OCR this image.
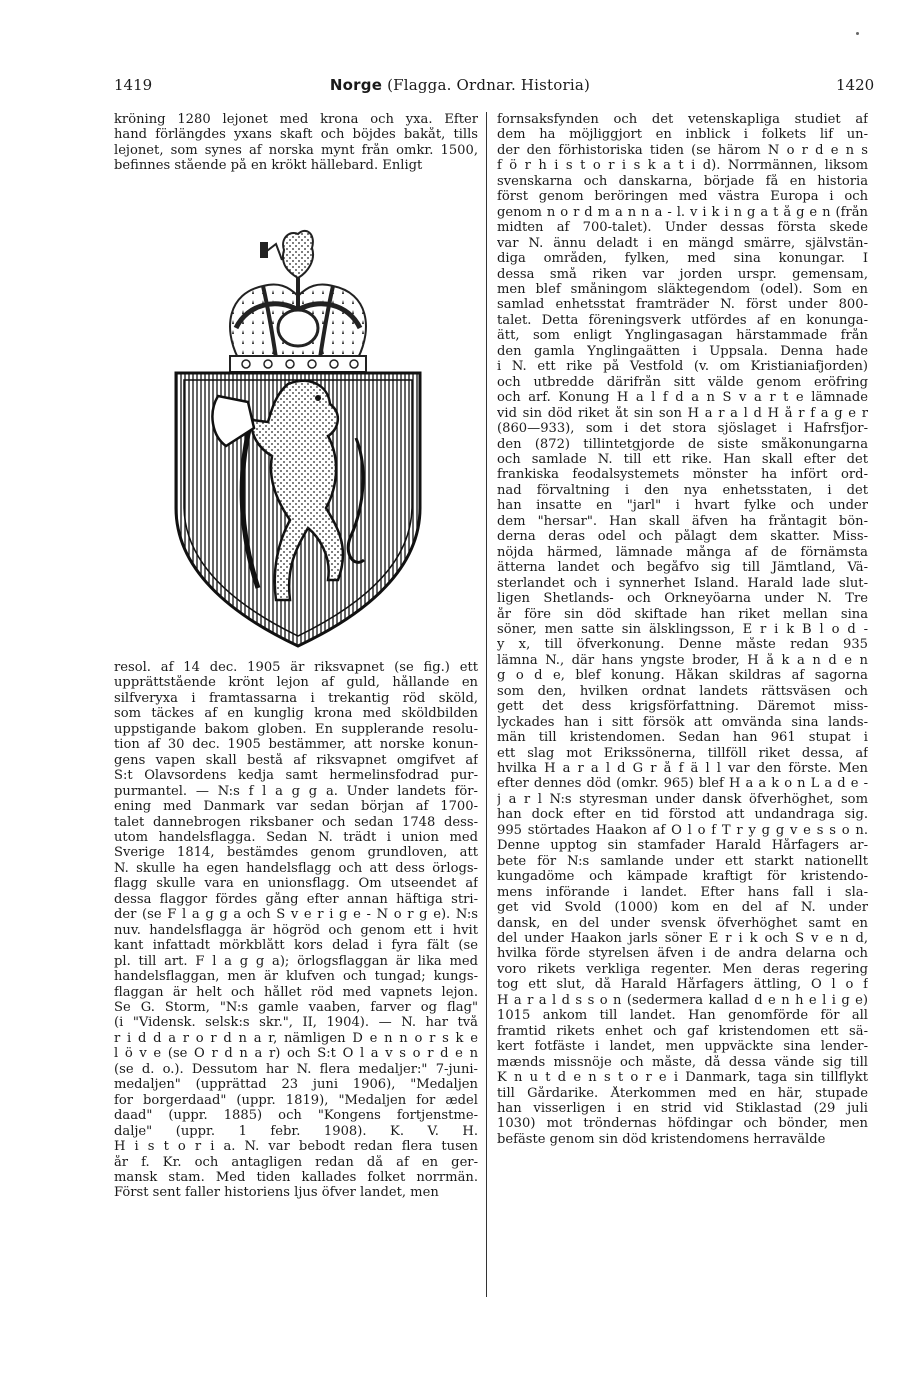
1419	Norge (Flagga. Ordnar. Historia)	1420
kröning 1280 lejonet med krona och yxa. Efter
hand förlängdes yxans skaft och böjdes bakåt, tills
lejonet, som synes af norska mynt från omkr. 1500,
befinnes stående på en krökt hällebard. Enligt
resol. af 14 dec. 1905 är riksvapnet (se fig.) ett
upprättstående krönt lejon af guld, hållande en
silfveryxa i framtassarna i trekantig röd sköld,
som täckes af en kunglig krona med sköldbilden
uppstigande bakom globen. En supplerande resolu-
tion af 30 dec. 1905 bestämmer, att norske konun-
gens vapen skall bestå af riksvapnet omgifvet af
S:t Olavsordens kedja samt hermelinsfodrad pur-
purmantel. — N:s f l a g g a. Under landets för-
ening med Danmark var sedan början af 1700-
talet dannebrogen riksbaner och sedan 1748 dess-
utom handelsflagga. Sedan N. trädt i union med
Sverige 1814, bestämdes genom grundloven, att
N. skulle ha egen handelsflagg och att dess örlogs-
flagg skulle vara en unionsflagg. Om utseendet af
dessa flaggor fördes gång efter annan häftiga stri-
der (se F l a g g a och S v e r i g e - N o r g e). N:s
nuv. handelsflagga är högröd och genom ett i hvit
kant infattadt mörkblått kors delad i fyra fält (se
pl. till art. F l a g g a); örlogsflaggan är lika med
handelsflaggan, men är klufven och tungad; kungs-
flaggan är helt och hållet röd med vapnets lejon.
Se G. Storm, "N:s gamle vaaben, farver og flag"
(i "Vidensk. selsk:s skr.", II, 1904). — N. har två
r i d d a r o r d n a r, nämligen D e n n o r s k e
l ö v e (se O r d n a r) och S:t O l a v s o r d e n
(se d. o.). Dessutom har N. flera medaljer:" 7-juni-
medaljen" (upprättad 23 juni 1906), "Medaljen
for borgerdaad" (uppr. 1819), "Medaljen for ædel
daad" (uppr. 1885) och "Kongens fortjenstme-
dalje" (uppr. 1 febr. 1908). K. V. H.
H i s t o r i a. N. var bebodt redan flera tusen
år f. Kr. och antagligen redan då af en ger-
mansk stam. Med tiden kallades folket norrmän.
Först sent faller historiens ljus öfver landet, men
fornsaksfynden och det vetenskapliga studiet af
dem ha möjliggjort en inblick i folkets lif un-
der den förhistoriska tiden (se härom N o r d e n s
f ö r h i s t o r i s k a t i d). Norrmännen, liksom
svenskarna och danskarna, började få en historia
först genom beröringen med västra Europa i och
genom n o r d m a n n a - l. v i k i n g a t å g e n (från
midten af 700-talet). Under dessas första skede
var N. ännu deladt i en mängd smärre, självstän-
diga områden, fylken, med sina konungar. I
dessa små riken var jorden urspr. gemensam,
men blef småningom släktegendom (odel). Som en
samlad enhetsstat framträder N. först under 800-
talet. Detta föreningsverk utfördes af en konunga-
ätt, som enligt Ynglingasagan härstammade från
den gamla Ynglingaätten i Uppsala. Denna hade
i N. ett rike på Vestfold (v. om Kristianiafjorden)
och utbredde därifrån sitt välde genom eröfring
och arf. Konung H a l f d a n S v a r t e lämnade
vid sin död riket åt sin son H a r a l d H å r f a g e r
(860—933), som i det stora sjöslaget i Hafrsfjor-
den (872) tillintetgjorde de siste småkonungarna
och samlade N. till ett rike. Han skall efter det
frankiska feodalsystemets mönster ha infört ord-
nad förvaltning i den nya enhetsstaten, i det
han insatte en "jarl" i hvart fylke och under
dem "hersar". Han skall äfven ha fråntagit bön-
derna deras odel och pålagt dem skatter. Miss-
nöjda härmed, lämnade många af de förnämsta
ätterna landet och begåfvo sig till Jämtland, Vä-
sterlandet och i synnerhet Island. Harald lade slut-
ligen Shetlands- och Orkneyöarna under N. Tre
år före sin död skiftade han riket mellan sina
söner, men satte sin älsklingsson, E r i k B l o d -
y x, till öfverkonung. Denne måste redan 935
lämna N., där hans yngste broder, H å k a n d e n
g o d e, blef konung. Håkan skildras af sagorna
som den, hvilken ordnat landets rättsväsen och
gett det dess krigsförfattning. Däremot miss-
lyckades han i sitt försök att omvända sina lands-
män till kristendomen. Sedan han 961 stupat i
ett slag mot Erikssönerna, tillföll riket dessa, af
hvilka H a r a l d G r å f ä l l var den förste. Men
efter dennes död (omkr. 965) blef H a a k o n L a d e -
j a r l N:s styresman under dansk öfverhöghet, som
han dock efter en tid förstod att undandraga sig.
995 störtades Haakon af O l o f T r y g g v e s s o n.
Denne upptog sin stamfader Harald Hårfagers ar-
bete för N:s samlande under ett starkt nationellt
kungadöme och kämpade kraftigt för kristendo-
mens införande i landet. Efter hans fall i sla-
get vid Svold (1000) kom en del af N. under
dansk, en del under svensk öfverhöghet samt en
del under Haakon jarls söner E r i k och S v e n d,
hvilka förde styrelsen äfven i de andra delarna och
voro rikets verkliga regenter. Men deras regering
tog ett slut, då Harald Hårfagers ättling, O l o f
H a r a l d s s o n (sedermera kallad d e n h e l i g e)
1015 ankom till landet. Han genomförde för all
framtid rikets enhet och gaf kristendomen ett sä-
kert fotfäste i landet, men uppväckte sina lender-
mænds missnöje och måste, då dessa vände sig till
K n u t d e n s t o r e i Danmark, taga sin tillflykt
till Gårdarike. Återkommen med en här, stupade
han visserligen i en strid vid Stiklastad (29 juli
1030) mot tröndernas höfdingar och bönder, men
befäste genom sin död kristendomens herravälde
